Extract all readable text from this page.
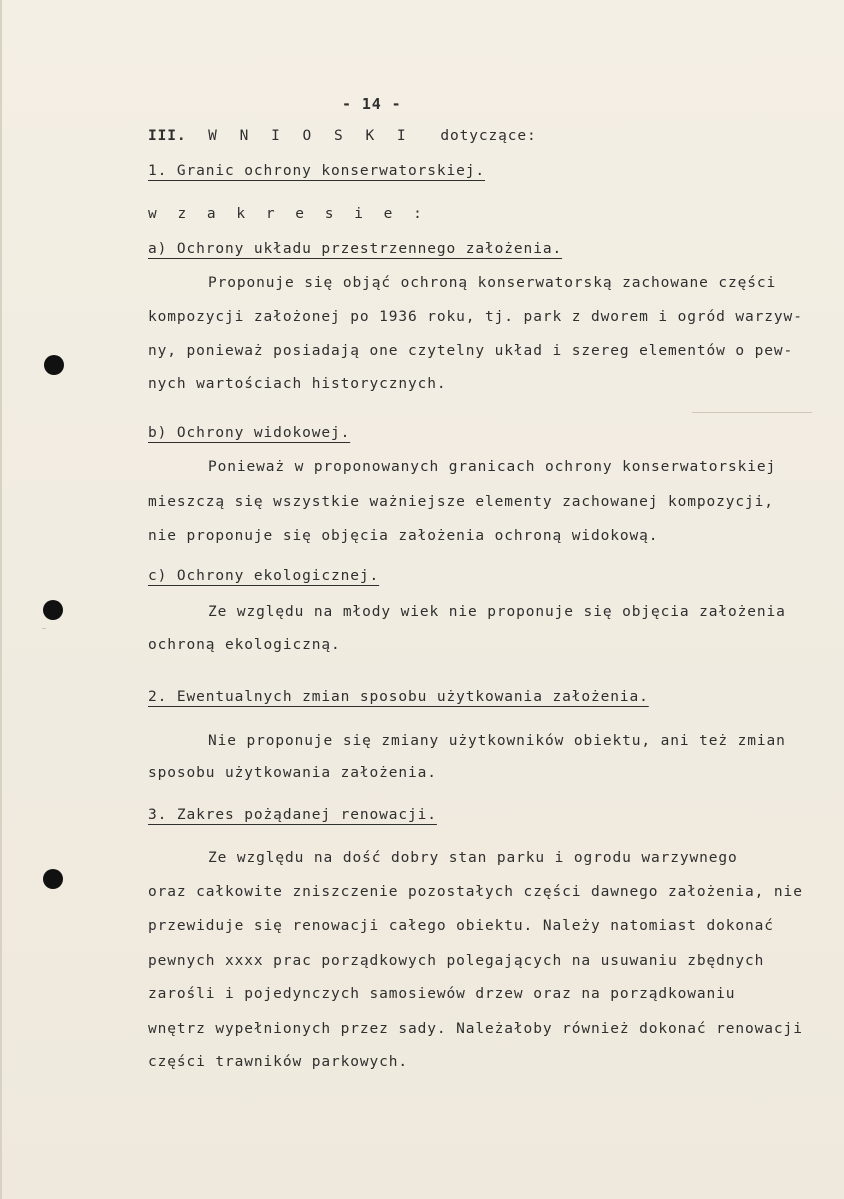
- 14 -
III. W N I O S K I dotyczące:
1. Granic ochrony konserwatorskiej.
w z a k r e s i e :
a) Ochrony układu przestrzennego założenia.
Proponuje się objąć ochroną konserwatorską zachowane części
kompozycji założonej po 1936 roku, tj. park z dworem i ogród warzyw-
ny, ponieważ posiadają one czytelny układ i szereg elementów o pew-
nych wartościach historycznych.
b) Ochrony widokowej.
Ponieważ w proponowanych granicach ochrony konserwatorskiej
mieszczą się wszystkie ważniejsze elementy zachowanej kompozycji,
nie proponuje się objęcia założenia ochroną widokową.
c) Ochrony ekologicznej.
Ze względu na młody wiek nie proponuje się objęcia założenia
ochroną ekologiczną.
2. Ewentualnych zmian sposobu użytkowania założenia.
Nie proponuje się zmiany użytkowników obiektu, ani też zmian
sposobu użytkowania założenia.
3. Zakres pożądanej renowacji.
Ze względu na dość dobry stan parku i ogrodu warzywnego
oraz całkowite zniszczenie pozostałych części dawnego założenia, nie
przewiduje się renowacji całego obiektu. Należy natomiast dokonać
pewnych xxxx prac porządkowych polegających na usuwaniu zbędnych
zarośli i pojedynczych samosiewów drzew oraz na porządkowaniu
wnętrz wypełnionych przez sady. Należałoby również dokonać renowacji
części trawników parkowych.
